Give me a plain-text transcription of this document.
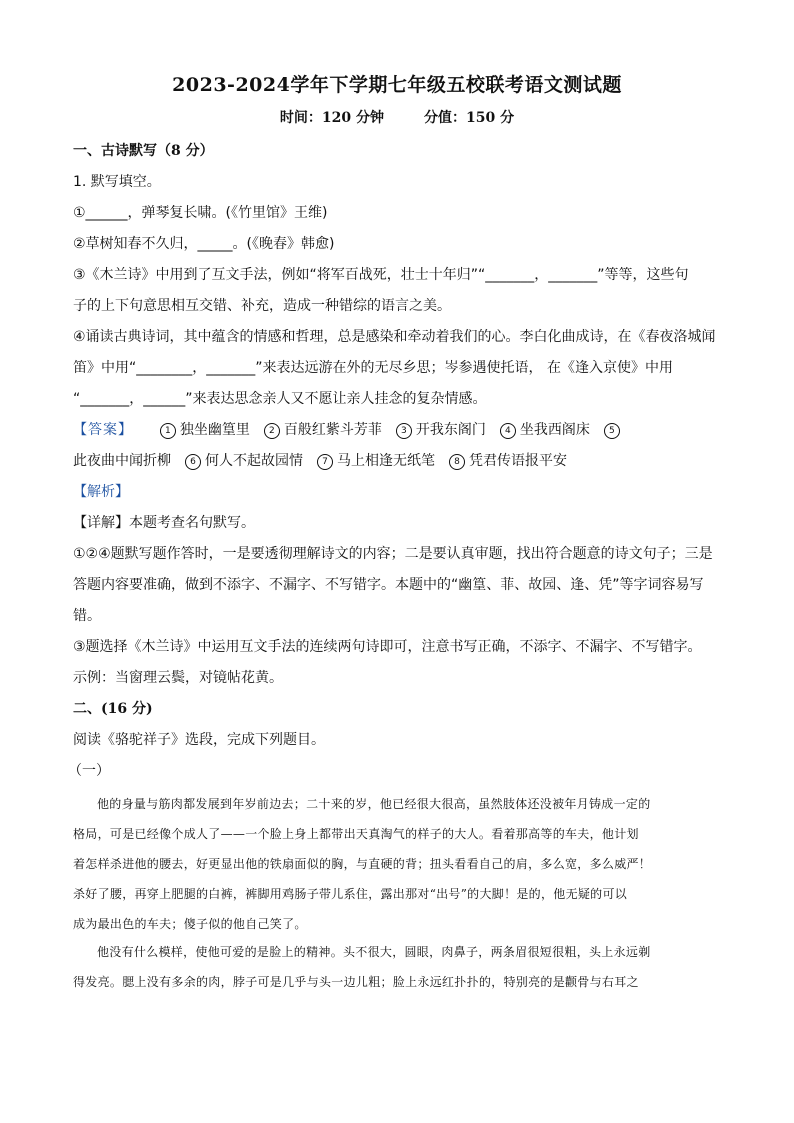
2023-2024学年下学期七年级五校联考语文测试题
时间：120 分钟	分值：150 分
一、古诗默写（8 分）
1. 默写填空。
①______，弹琴复长啸。(《竹里馆》王维)
②草树知春不久归，_____。(《晚春》韩愈)
③《木兰诗》中用到了互文手法，例如“将军百战死，壮士十年归”“_______，_______”等等，这些句
子的上下句意思相互交错、补充，造成一种错综的语言之美。
④诵读古典诗词，其中蕴含的情感和哲理，总是感染和牵动着我们的心。李白化曲成诗，在《春夜洛城闻
笛》中用“________，_______”来表达远游在外的无尽乡思；岑参遇使托语， 在《逢入京使》中用
“_______，______”来表达思念亲人又不愿让亲人挂念的复杂情感。
【答案】	1 独坐幽篁里 2 百般红紫斗芳菲 3 开我东阁门 4 坐我西阁床 5
此夜曲中闻折柳 6 何人不起故园情 7 马上相逢无纸笔 8 凭君传语报平安
【解析】
【详解】本题考查名句默写。
①②④题默写题作答时，一是要透彻理解诗文的内容；二是要认真审题，找出符合题意的诗文句子；三是
答题内容要准确，做到不添字、不漏字、不写错字。本题中的“幽篁、菲、故园、逢、凭”等字词容易写
错。
③题选择《木兰诗》中运用互文手法的连续两句诗即可，注意书写正确，不添字、不漏字、不写错字。
示例：当窗理云鬓，对镜帖花黄。
二、(16 分)
阅读《骆驼祥子》选段，完成下列题目。
（一）
他的身量与筋肉都发展到年岁前边去；二十来的岁，他已经很大很高，虽然肢体还没被年月铸成一定的
格局，可是已经像个成人了——一个脸上身上都带出天真淘气的样子的大人。看着那高等的车夫，他计划
着怎样杀进他的腰去，好更显出他的铁扇面似的胸，与直硬的背；扭头看看自己的肩，多么宽，多么威严！
杀好了腰，再穿上肥腿的白裤，裤脚用鸡肠子带儿系住，露出那对“出号”的大脚！是的，他无疑的可以
成为最出色的车夫；傻子似的他自己笑了。
他没有什么模样，使他可爱的是脸上的精神。头不很大，圆眼，肉鼻子，两条眉很短很粗，头上永远剃
得发亮。腮上没有多余的肉，脖子可是几乎与头一边儿粗；脸上永远红扑扑的，特别亮的是颧骨与右耳之
